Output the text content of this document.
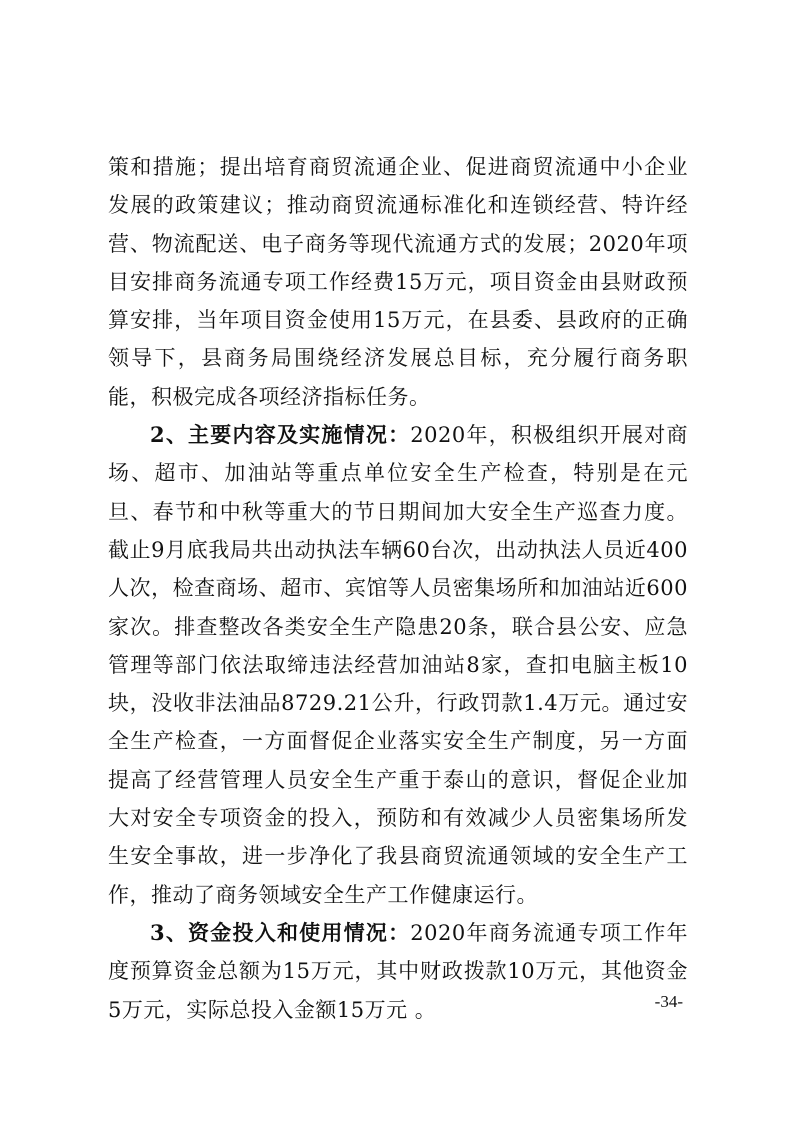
策和措施；提出培育商贸流通企业、促进商贸流通中小企业发展的政策建议；推动商贸流通标准化和连锁经营、特许经营、物流配送、电子商务等现代流通方式的发展；2020年项目安排商务流通专项工作经费15万元，项目资金由县财政预算安排，当年项目资金使用15万元，在县委、县政府的正确领导下，县商务局围绕经济发展总目标，充分履行商务职能，积极完成各项经济指标任务。

2、主要内容及实施情况：2020年，积极组织开展对商场、超市、加油站等重点单位安全生产检查，特别是在元旦、春节和中秋等重大的节日期间加大安全生产巡查力度。截止9月底我局共出动执法车辆60台次，出动执法人员近400人次，检查商场、超市、宾馆等人员密集场所和加油站近600家次。排查整改各类安全生产隐患20条，联合县公安、应急管理等部门依法取缔违法经营加油站8家，查扣电脑主板10块，没收非法油品8729.21公升，行政罚款1.4万元。通过安全生产检查，一方面督促企业落实安全生产制度，另一方面提高了经营管理人员安全生产重于泰山的意识，督促企业加大对安全专项资金的投入，预防和有效减少人员密集场所发生安全事故，进一步净化了我县商贸流通领域的安全生产工作，推动了商务领域安全生产工作健康运行。

3、资金投入和使用情况：2020年商务流通专项工作年度预算资金总额为15万元，其中财政拨款10万元，其他资金5万元，实际总投入金额15万元 。	-34-
